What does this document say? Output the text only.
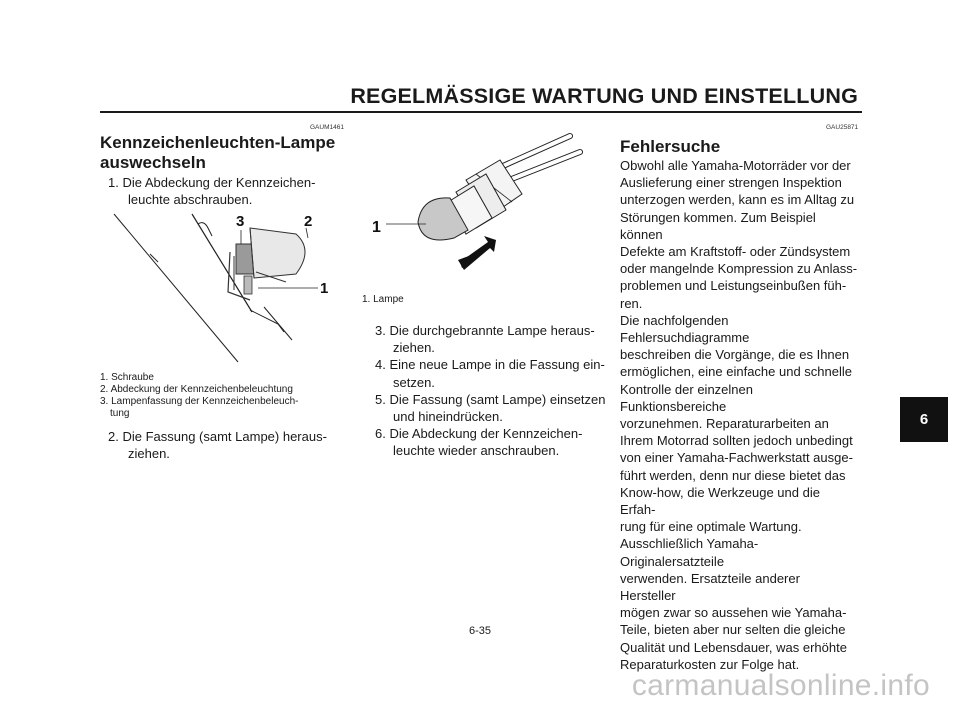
REGELMÄSSIGE WARTUNG UND EINSTELLUNG
GAUM1461
Kennzeichenleuchten-Lampe
auswechseln

1. Die Abdeckung der Kennzeichen-
leuchte abschrauben.

3	2
1

1. Schraube

2. Abdeckung der Kennzeichenbeleuchtung

3. Lampenfassung der Kennzeichenbeleuch-
tung

2. Die Fassung (samt Lampe) heraus-
ziehen.

1

1. Lampe

3. Die durchgebrannte Lampe heraus-
ziehen.

4. Eine neue Lampe in die Fassung ein-
setzen.

5. Die Fassung (samt Lampe) einsetzen
und hineindrücken.

6. Die Abdeckung der Kennzeichen-
leuchte wieder anschrauben.

GAU25871
Fehlersuche
Obwohl alle Yamaha-Motorräder vor der
Auslieferung einer strengen Inspektion
unterzogen werden, kann es im Alltag zu
Störungen kommen. Zum Beispiel können
Defekte am Kraftstoff- oder Zündsystem
oder mangelnde Kompression zu Anlass-
problemen und Leistungseinbußen füh-
ren.
Die nachfolgenden Fehlersuchdiagramme
beschreiben die Vorgänge, die es Ihnen
ermöglichen, eine einfache und schnelle
Kontrolle der einzelnen Funktionsbereiche
vorzunehmen. Reparaturarbeiten an
Ihrem Motorrad sollten jedoch unbedingt
von einer Yamaha-Fachwerkstatt ausge-
führt werden, denn nur diese bietet das
Know-how, die Werkzeuge und die Erfah-
rung für eine optimale Wartung.
Ausschließlich Yamaha-Originalersatzteile
verwenden. Ersatzteile anderer Hersteller
mögen zwar so aussehen wie Yamaha-
Teile, bieten aber nur selten die gleiche
Qualität und Lebensdauer, was erhöhte
Reparaturkosten zur Folge hat.
6
6-35
carmanualsonline.info
